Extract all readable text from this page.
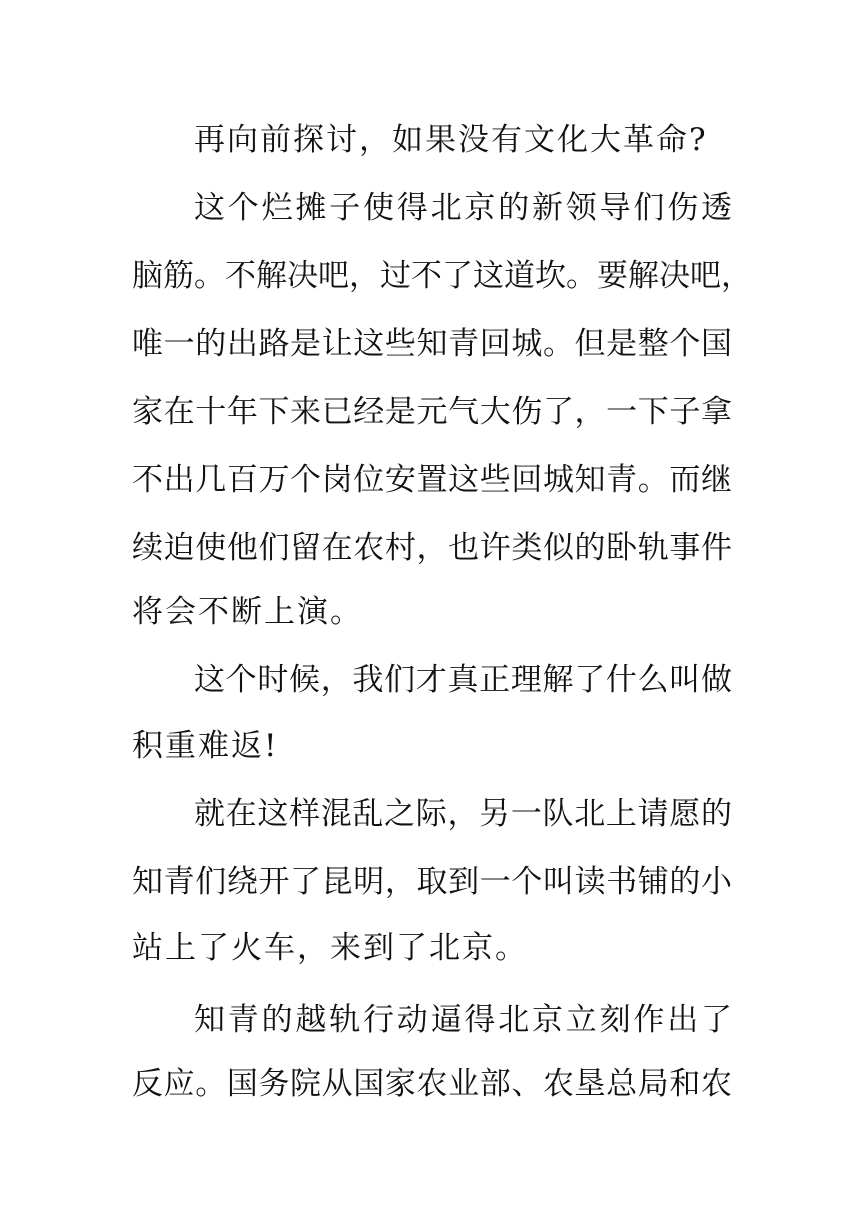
再向前探讨，如果没有文化大革命?
这个烂摊子使得北京的新领导们伤透
脑筋。不解决吧，过不了这道坎。要解决吧，
唯一的出路是让这些知青回城。但是整个国
家在十年下来已经是元气大伤了，一下子拿
不出几百万个岗位安置这些回城知青。而继
续迫使他们留在农村，也许类似的卧轨事件
将会不断上演。
这个时候，我们才真正理解了什么叫做
积重难返!
就在这样混乱之际，另一队北上请愿的
知青们绕开了昆明，取到一个叫读书铺的小
站上了火车，来到了北京。
知青的越轨行动逼得北京立刻作出了
反应。国务院从国家农业部、农垦总局和农
